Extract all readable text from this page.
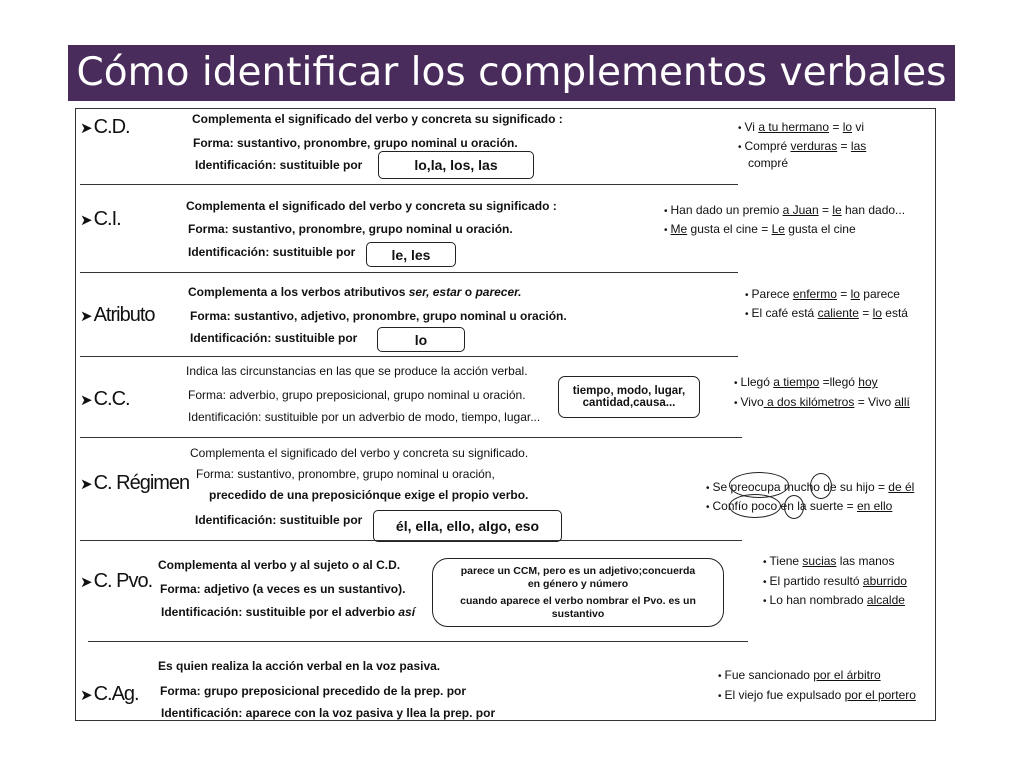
Cómo identificar los complementos verbales
➤ C.D.	Complementa el significado del verbo y concreta su significado :
Forma: sustantivo, pronombre, grupo nominal u oración.
Identificación: sustituible por	lo,la, los, las
• Vi a tu hermano = lo vi
• Compré verduras = las
compré
➤ C.I.
Complementa el significado del verbo y concreta su significado :
Forma: sustantivo, pronombre, grupo nominal u oración.
Identificación: sustituible por	le, les
• Han dado un premio a Juan = le han dado...
• Me gusta el cine = Le gusta el cine
➤ Atributo
Complementa a los verbos atributivos ser, estar o parecer.
Forma: sustantivo, adjetivo, pronombre, grupo nominal u oración.
Identificación: sustituible por	lo
• Parece enfermo = lo parece
• El café está caliente = lo está
➤ C.C.
Indica las circunstancias en las que se produce la acción verbal.
Forma: adverbio, grupo preposicional, grupo nominal u oración.
Identificación: sustituible por un adverbio de modo, tiempo, lugar...
tiempo, modo, lugar,
cantidad,causa...
• Llegó a tiempo =llegó hoy
• Vivo a dos kilómetros = Vivo allí
➤ C. Régimen
Complementa el significado del verbo y concreta su significado.
Forma: sustantivo, pronombre, grupo nominal u oración,
precedido de una preposiciónque exige el propio verbo.
Identificación: sustituible por	él, ella, ello, algo, eso
• Se preocupa mucho de su hijo = de él
• Confío poco en la suerte = en ello
➤ C. Pvo.
Complementa al verbo y al sujeto o al C.D.
Forma: adjetivo (a veces es un sustantivo).
Identificación: sustituible por el adverbio así
parece un CCM, pero es un adjetivo;concuerda
en género y número
cuando aparece el verbo nombrar el Pvo. es un
sustantivo
• Tiene sucias las manos
• El partido resultó aburrido
• Lo han nombrado alcalde
➤ C.Ag.
Es quien realiza la acción verbal en la voz pasiva.
Forma: grupo preposicional precedido de la prep. por
Identificación: aparece con la voz pasiva y llea la prep. por
• Fue sancionado por el árbitro
• El viejo fue expulsado por el portero
